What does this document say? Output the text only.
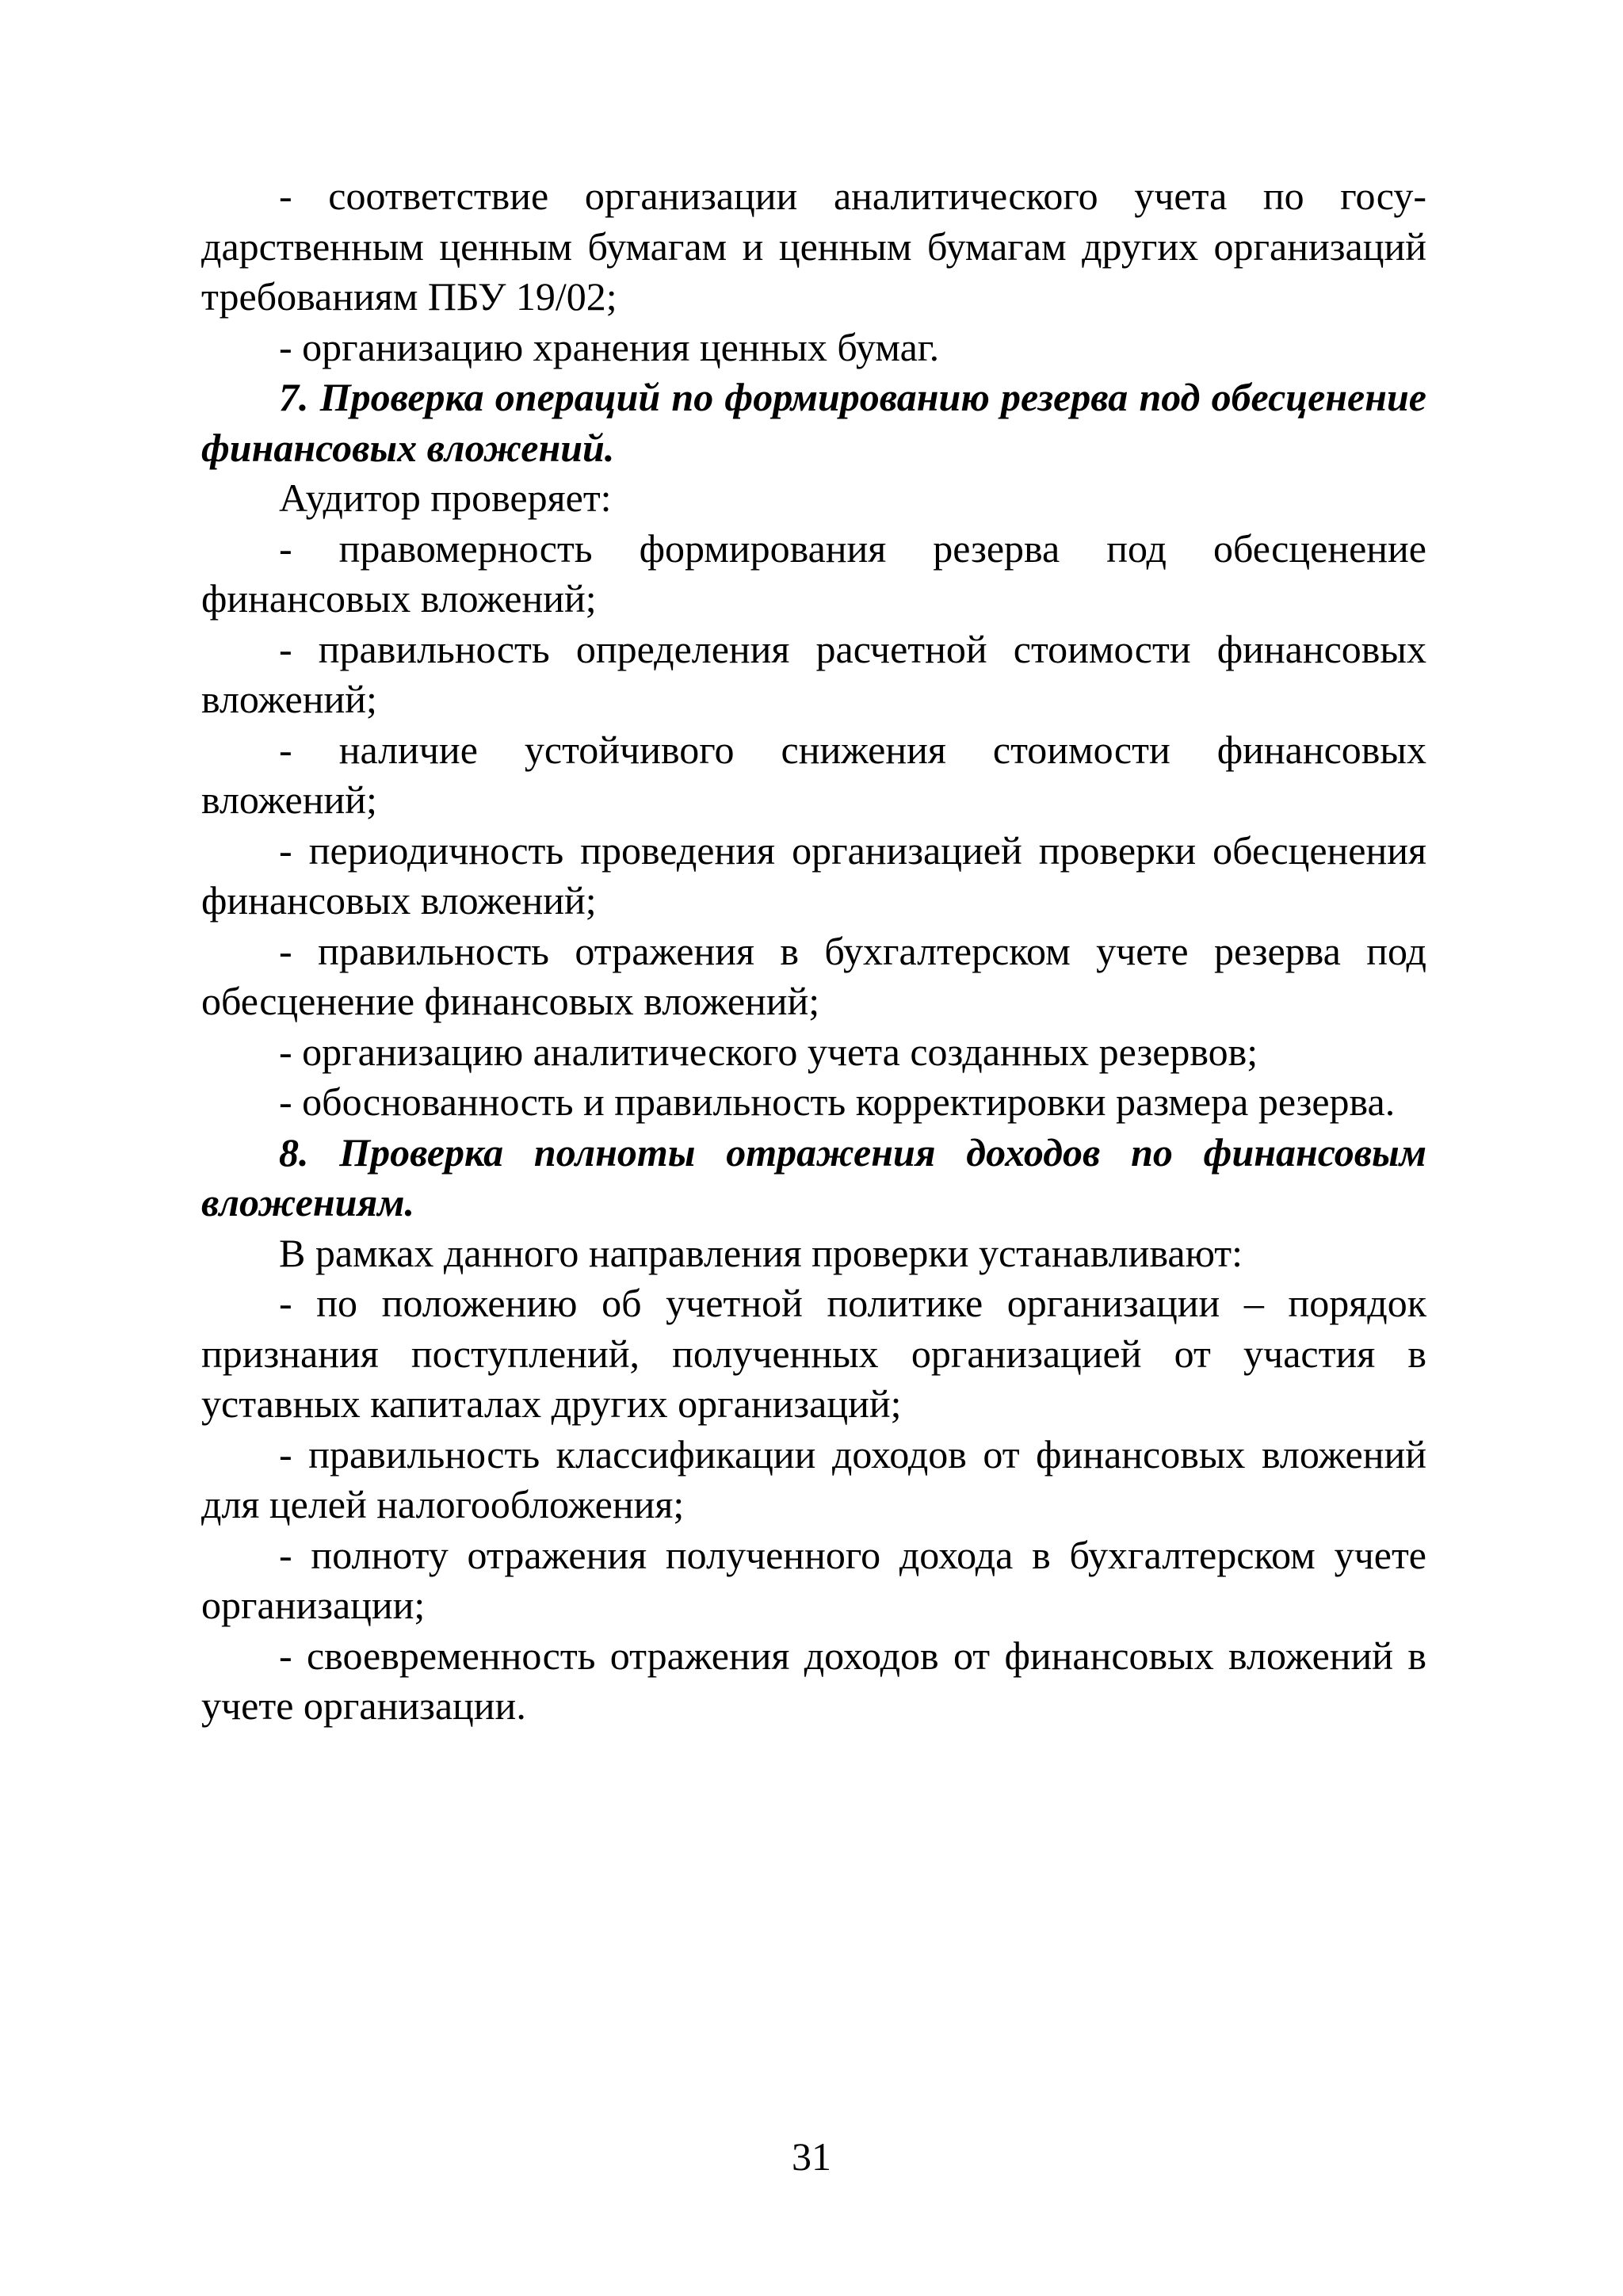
- соответствие организации аналитического учета по государственным ценным бумагам и ценным бумагам других организаций требованиям ПБУ 19/02;

- организацию хранения ценных бумаг.

7. Проверка операций по формированию резерва под обесценение финансовых вложений.

Аудитор проверяет:

- правомерность формирования резерва под обесценение финансовых вложений;

- правильность определения расчетной стоимости финансовых вложений;

- наличие устойчивого снижения стоимости финансовых вложений;

- периодичность проведения организацией проверки обесценения финансовых вложений;

- правильность отражения в бухгалтерском учете резерва под обесценение финансовых вложений;

- организацию аналитического учета созданных резервов;

- обоснованность и правильность корректировки размера резерва.

8. Проверка полноты отражения доходов по финансовым вложениям.

В рамках данного направления проверки устанавливают:

- по положению об учетной политике организации – порядок признания поступлений, полученных организацией от участия в уставных капиталах других организаций;

- правильность классификации доходов от финансовых вложений для целей налогообложения;

- полноту отражения полученного дохода в бухгалтерском учете организации;

- своевременность отражения доходов от финансовых вложений в учете организации.

31
